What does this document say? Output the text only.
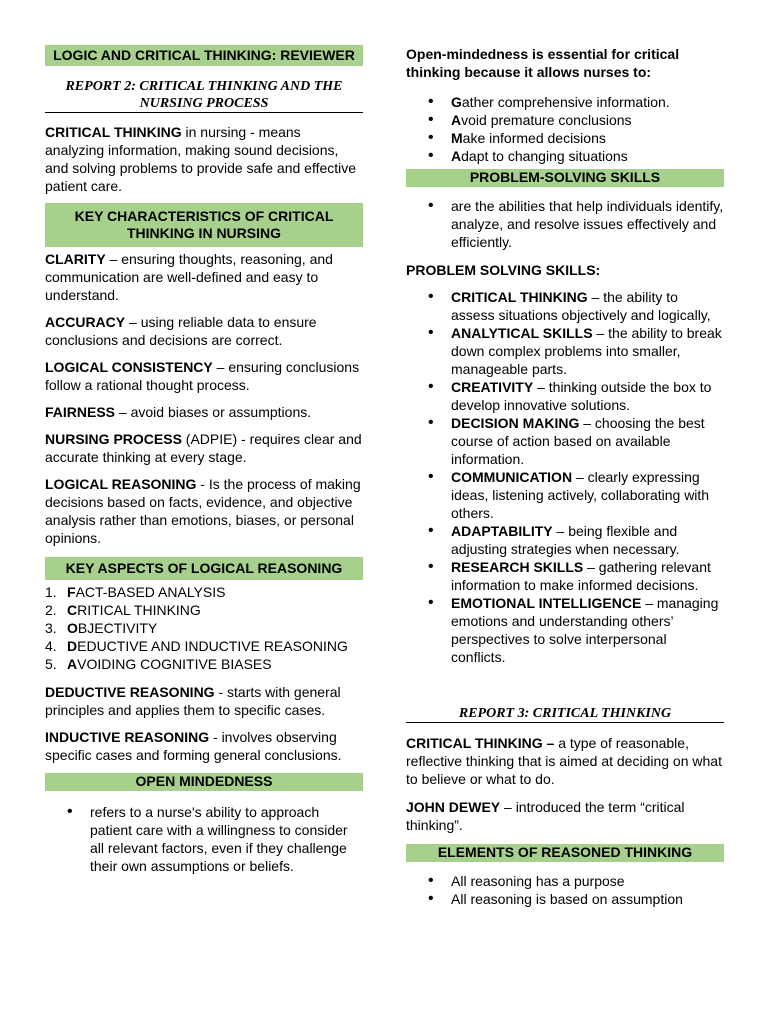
LOGIC AND CRITICAL THINKING: REVIEWER
REPORT 2: CRITICAL THINKING AND THE NURSING PROCESS

CRITICAL THINKING in nursing - means analyzing information, making sound decisions, and solving problems to provide safe and effective patient care.

KEY CHARACTERISTICS OF CRITICAL THINKING IN NURSING

CLARITY – ensuring thoughts, reasoning, and communication are well-defined and easy to understand.

ACCURACY – using reliable data to ensure conclusions and decisions are correct.

LOGICAL CONSISTENCY – ensuring conclusions follow a rational thought process.

FAIRNESS – avoid biases or assumptions.

NURSING PROCESS (ADPIE) - requires clear and accurate thinking at every stage.

LOGICAL REASONING - Is the process of making decisions based on facts, evidence, and objective analysis rather than emotions, biases, or personal opinions.

KEY ASPECTS OF LOGICAL REASONING
1. FACT-BASED ANALYSIS
2. CRITICAL THINKING
3. OBJECTIVITY
4. DEDUCTIVE AND INDUCTIVE REASONING
5. AVOIDING COGNITIVE BIASES

DEDUCTIVE REASONING - starts with general principles and applies them to specific cases.

INDUCTIVE REASONING - involves observing specific cases and forming general conclusions.

OPEN MINDEDNESS
• refers to a nurse's ability to approach patient care with a willingness to consider all relevant factors, even if they challenge their own assumptions or beliefs.

Open-mindedness is essential for critical thinking because it allows nurses to:

• Gather comprehensive information.
• Avoid premature conclusions
• Make informed decisions
• Adapt to changing situations
PROBLEM-SOLVING SKILLS
• are the abilities that help individuals identify, analyze, and resolve issues effectively and efficiently.

PROBLEM SOLVING SKILLS:

• CRITICAL THINKING – the ability to assess situations objectively and logically,
• ANALYTICAL SKILLS – the ability to break down complex problems into smaller, manageable parts.
• CREATIVITY – thinking outside the box to develop innovative solutions.
• DECISION MAKING – choosing the best course of action based on available information.
• COMMUNICATION – clearly expressing ideas, listening actively, collaborating with others.
• ADAPTABILITY – being flexible and adjusting strategies when necessary.
• RESEARCH SKILLS – gathering relevant information to make informed decisions.
• EMOTIONAL INTELLIGENCE – managing emotions and understanding others’ perspectives to solve interpersonal conflicts.
REPORT 3: CRITICAL THINKING

CRITICAL THINKING – a type of reasonable, reflective thinking that is aimed at deciding on what to believe or what to do.

JOHN DEWEY – introduced the term “critical thinking”.

ELEMENTS OF REASONED THINKING
• All reasoning has a purpose
• All reasoning is based on assumption
